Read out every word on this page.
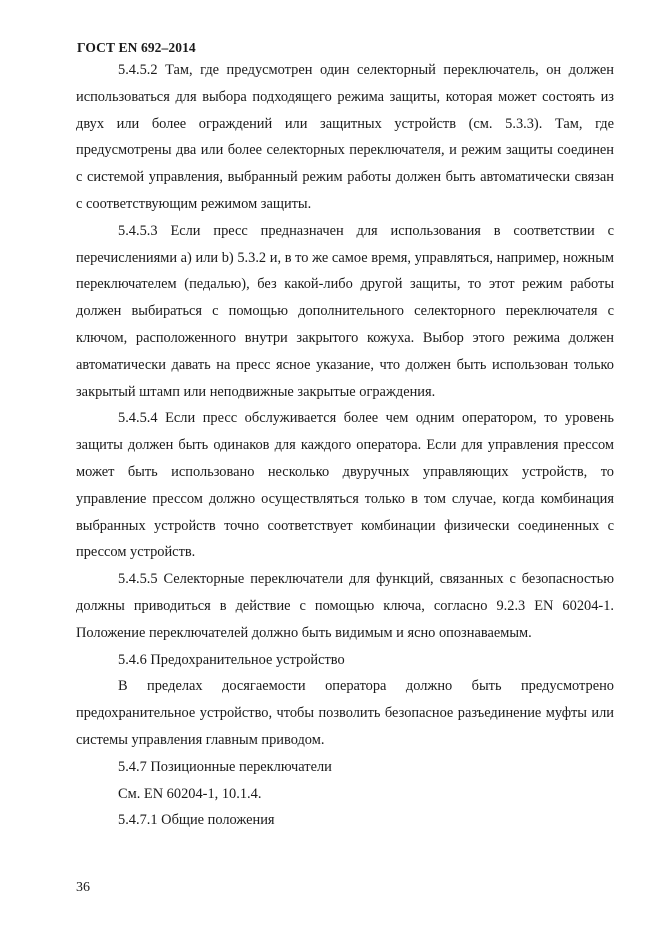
ГОСТ EN 692–2014

5.4.5.2 Там, где предусмотрен один селекторный переключатель, он должен использоваться для выбора подходящего режима защиты, которая может состоять из двух или более ограждений или защитных устройств (см. 5.3.3). Там, где предусмотрены два или более селекторных переключателя, и режим защиты соединен с системой управления, выбранный режим работы должен быть автоматически связан с соответствующим режимом защиты.

5.4.5.3 Если пресс предназначен для использования в соответствии с перечислениями а) или b) 5.3.2 и, в то же самое время, управляться, например, ножным переключателем (педалью), без какой-либо другой защиты, то этот режим работы должен выбираться с помощью дополнительного селекторного переключателя с ключом, расположенного внутри закрытого кожуха. Выбор этого режима должен автоматически давать на пресс ясное указание, что должен быть использован только закрытый штамп или неподвижные закрытые ограждения.

5.4.5.4 Если пресс обслуживается более чем одним оператором, то уровень защиты должен быть одинаков для каждого оператора. Если для управления прессом может быть использовано несколько двуручных управляющих устройств, то управление прессом должно осуществляться только в том случае, когда комбинация выбранных устройств точно соответствует комбинации физически соединенных с прессом устройств.

5.4.5.5 Селекторные переключатели для функций, связанных с безопасностью должны приводиться в действие с помощью ключа, согласно 9.2.3 EN 60204-1. Положение переключателей должно быть видимым и ясно опознаваемым.

5.4.6 Предохранительное устройство

В пределах досягаемости оператора должно быть предусмотрено предохранительное устройство, чтобы позволить безопасное разъединение муфты или системы управления главным приводом.

5.4.7 Позиционные переключатели

См. EN 60204-1, 10.1.4.

5.4.7.1 Общие положения

36
